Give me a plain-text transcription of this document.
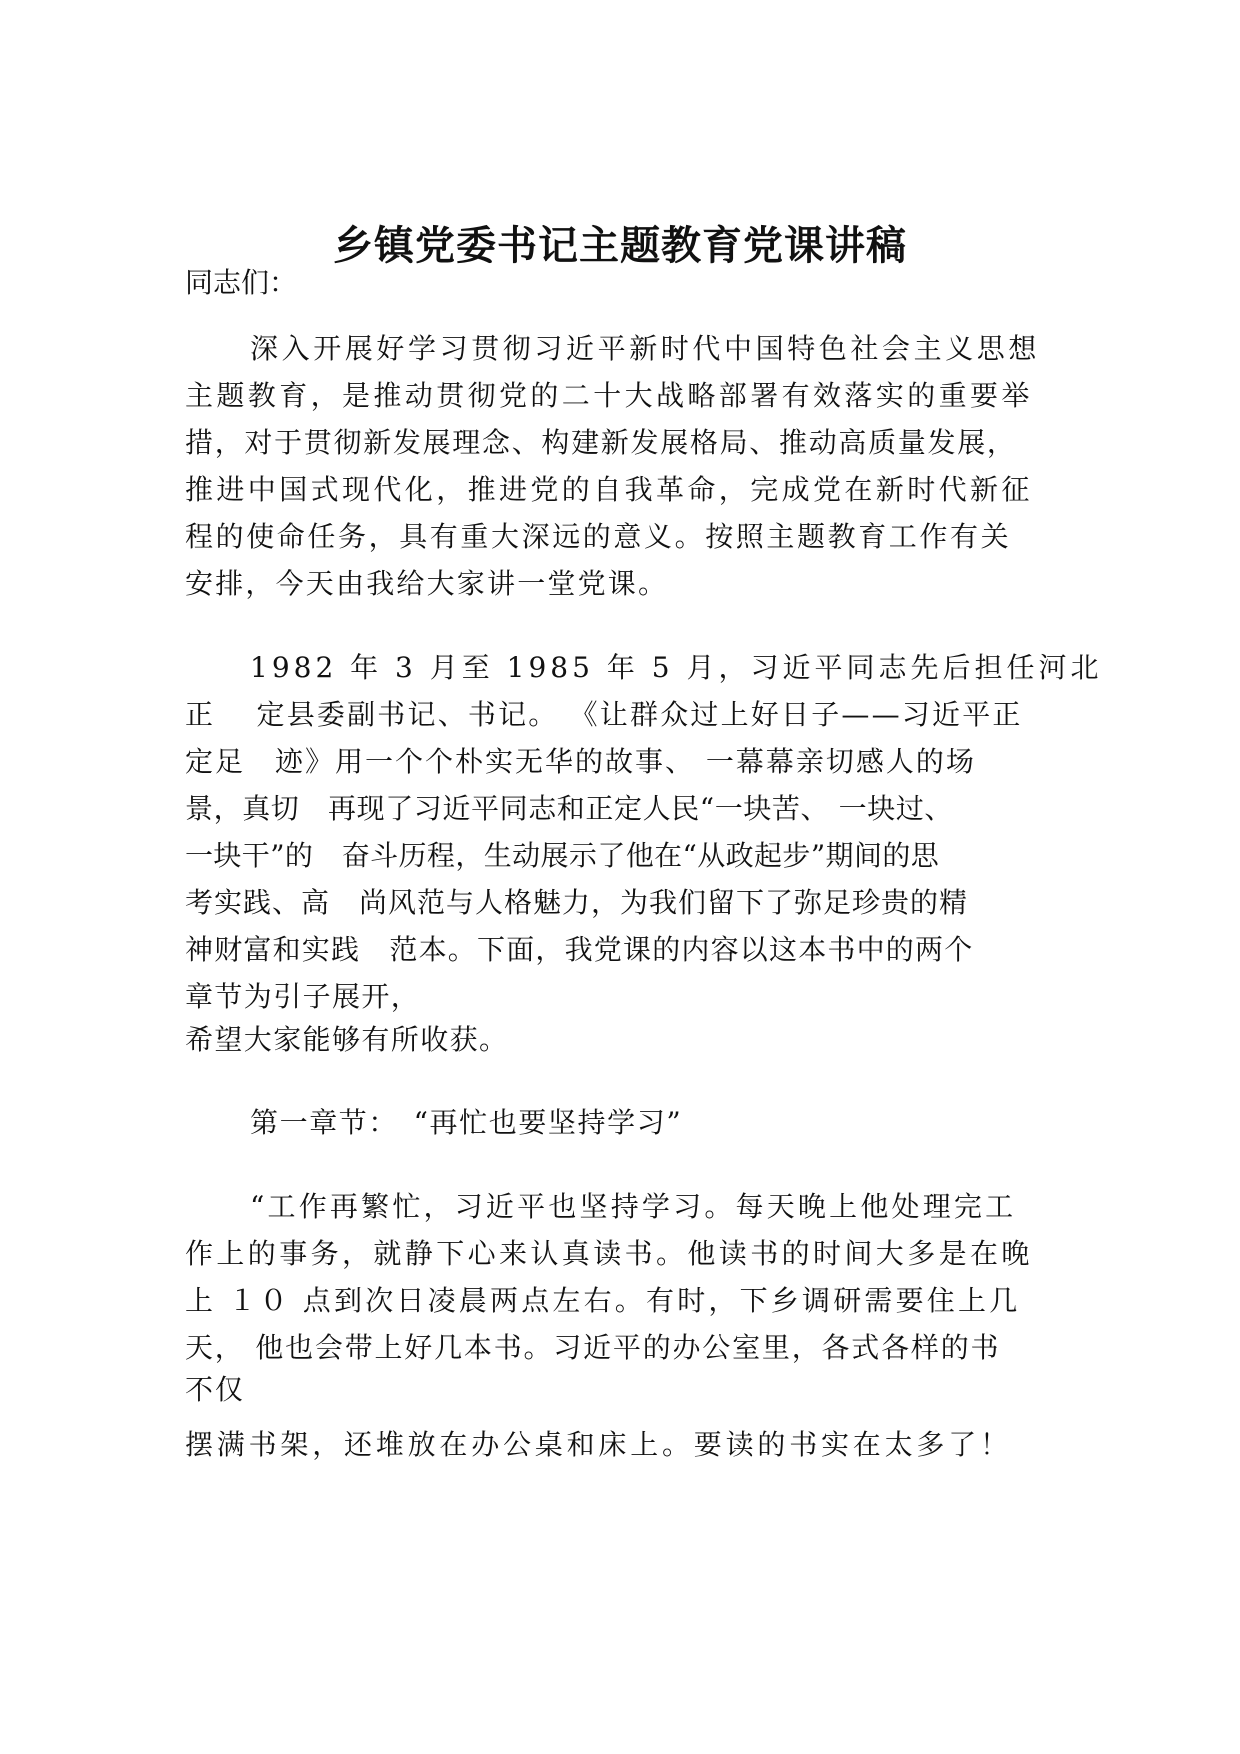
乡镇党委书记主题教育党课讲稿
同志们：
深入开展好学习贯彻习近平新时代中国特色社会主义思想
主题教育，是推动贯彻党的二十大战略部署有效落实的重要举
措，对于贯彻新发展理念、构建新发展格局、推动高质量发展，
推进中国式现代化，推进党的自我革命，完成党在新时代新征
程的使命任务，具有重大深远的意义。按照主题教育工作有关
安排，今天由我给大家讲一堂党课。
1982 年 3 月至 1985 年 5 月，习近平同志先后担任河北
正　 定县委副书记、书记。 《让群众过上好日子——习近平正
定足　迹》用一个个朴实无华的故事、 一幕幕亲切感人的场
景，真切　再现了习近平同志和正定人民“一块苦、 一块过、
一块干”的　奋斗历程，生动展示了他在“从政起步”期间的思
考实践、高　尚风范与人格魅力，为我们留下了弥足珍贵的精
神财富和实践　范本。下面，我党课的内容以这本书中的两个
章节为引子展开，
希望大家能够有所收获。
第一章节：　“再忙也要坚持学习”
“工作再繁忙，习近平也坚持学习。每天晚上他处理完工
作上的事务，就静下心来认真读书。他读书的时间大多是在晚
上 １０ 点到次日凌晨两点左右。有时，下乡调研需要住上几
天， 他也会带上好几本书。习近平的办公室里，各式各样的书
不仅
摆满书架，还堆放在办公桌和床上。要读的书实在太多了！
